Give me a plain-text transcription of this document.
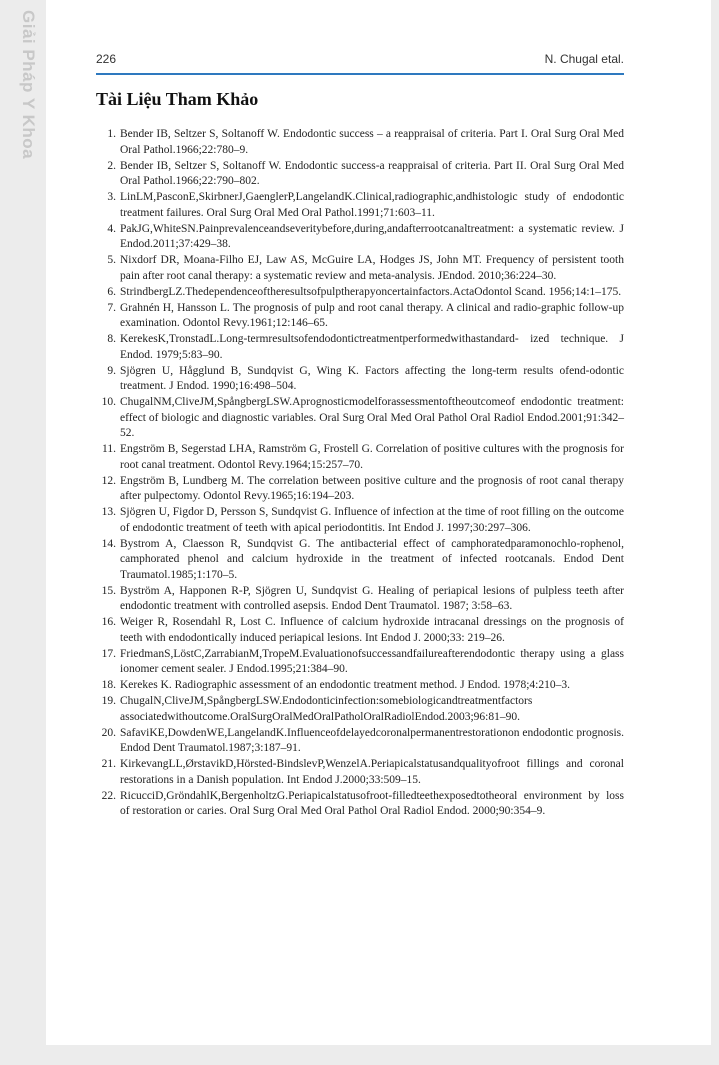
Giải Pháp Y Khoa	226	N. Chugal etal.
Tài Liệu Tham Khảo
1. Bender IB, Seltzer S, Soltanoff W. Endodontic success – a reappraisal of criteria. Part I. Oral Surg Oral Med Oral Pathol.1966;22:780–9.
2. Bender IB, Seltzer S, Soltanoff W. Endodontic success-a reappraisal of criteria. Part II. Oral Surg Oral Med Oral Pathol.1966;22:790–802.
3. LinLM,PasconE,SkirbnerJ,GaenglerP,LangelandK.Clinical,radiographic,andhistologic study of endodontic treatment failures. Oral Surg Oral Med Oral Pathol.1991;71:603–11.
4. PakJG,WhiteSN.Painprevalenceandseveritybefore,during,andafterrootcanaltreatment: a systematic review. J Endod.2011;37:429–38.
5. Nixdorf DR, Moana-Filho EJ, Law AS, McGuire LA, Hodges JS, John MT. Frequency of persistent tooth pain after root canal therapy: a systematic review and meta-analysis. JEndod. 2010;36:224–30.
6. StrindbergLZ.Thedependenceoftheresultsofpulptherapyoncertainfactors.ActaOdontol Scand. 1956;14:1–175.
7. Grahnén H, Hansson L. The prognosis of pulp and root canal therapy. A clinical and radio-graphic follow-up examination. Odontol Revy.1961;12:146–65.
8. KerekesK,TronstadL.Long-termresultsofendodontictreatmentperformedwithastandard- ized technique. J Endod. 1979;5:83–90.
9. Sjögren U, Hågglund B, Sundqvist G, Wing K. Factors affecting the long-term results ofend-odontic treatment. J Endod. 1990;16:498–504.
10. ChugalNM,CliveJM,SpångbergLSW.Aprognosticmodelforassessmentoftheoutcomeof endodontic treatment: effect of biologic and diagnostic variables. Oral Surg Oral Med Oral Pathol Oral Radiol Endod.2001;91:342–52.
11. Engström B, Segerstad LHA, Ramström G, Frostell G. Correlation of positive cultures with the prognosis for root canal treatment. Odontol Revy.1964;15:257–70.
12. Engström B, Lundberg M. The correlation between positive culture and the prognosis of root canal therapy after pulpectomy. Odontol Revy.1965;16:194–203.
13. Sjögren U, Figdor D, Persson S, Sundqvist G. Influence of infection at the time of root filling on the outcome of endodontic treatment of teeth with apical periodontitis. Int Endod J. 1997;30:297–306.
14. Bystrom A, Claesson R, Sundqvist G. The antibacterial effect of camphoratedparamonochlo-rophenol, camphorated phenol and calcium hydroxide in the treatment of infected rootcanals. Endod Dent Traumatol.1985;1:170–5.
15. Byström A, Happonen R-P, Sjögren U, Sundqvist G. Healing of periapical lesions of pulpless teeth after endodontic treatment with controlled asepsis. Endod Dent Traumatol. 1987; 3:58–63.
16. Weiger R, Rosendahl R, Lost C. Influence of calcium hydroxide intracanal dressings on the prognosis of teeth with endodontically induced periapical lesions. Int Endod J. 2000;33: 219–26.
17. FriedmanS,LöstC,ZarrabianM,TropeM.Evaluationofsuccessandfailureafterendodontic therapy using a glass ionomer cement sealer. J Endod.1995;21:384–90.
18. Kerekes K. Radiographic assessment of an endodontic treatment method. J Endod. 1978;4:210–3.
19. ChugalN,CliveJM,SpångbergLSW.Endodonticinfection:somebiologicandtreatmentfactors associatedwithoutcome.OralSurgOralMedOralPatholOralRadiolEndod.2003;96:81–90.
20. SafaviKE,DowdenWE,LangelandK.Influenceofdelayedcoronalpermanentrestorationon endodontic prognosis. Endod Dent Traumatol.1987;3:187–91.
21. KirkevangLL,ØrstavikD,Hörsted-BindslevP,WenzelA.Periapicalstatusandqualityofroot fillings and coronal restorations in a Danish population. Int Endod J.2000;33:509–15.
22. RicucciD,GröndahlK,BergenholtzG.Periapicalstatusofroot-filledteethexposedtotheoral environment by loss of restoration or caries. Oral Surg Oral Med Oral Pathol Oral Radiol Endod. 2000;90:354–9.
